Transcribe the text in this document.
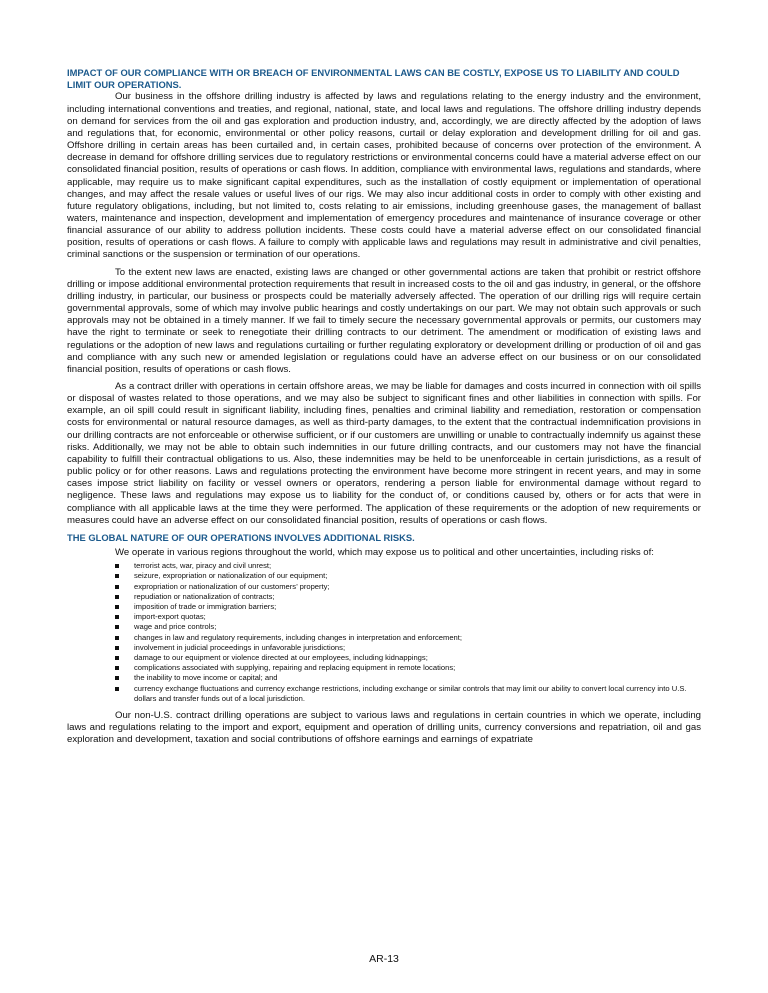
IMPACT OF OUR COMPLIANCE WITH OR BREACH OF ENVIRONMENTAL LAWS CAN BE COSTLY, EXPOSE US TO LIABILITY AND COULD LIMIT OUR OPERATIONS.

Our business in the offshore drilling industry is affected by laws and regulations relating to the energy industry and the environment, including international conventions and treaties, and regional, national, state, and local laws and regulations. The offshore drilling industry depends on demand for services from the oil and gas exploration and production industry, and, accordingly, we are directly affected by the adoption of laws and regulations that, for economic, environmental or other policy reasons, curtail or delay exploration and development drilling for oil and gas. Offshore drilling in certain areas has been curtailed and, in certain cases, prohibited because of concerns over protection of the environment. A decrease in demand for offshore drilling services due to regulatory restrictions or environmental concerns could have a material adverse effect on our consolidated financial position, results of operations or cash flows. In addition, compliance with environmental laws, regulations and standards, where applicable, may require us to make significant capital expenditures, such as the installation of costly equipment or implementation of operational changes, and may affect the resale values or useful lives of our rigs. We may also incur additional costs in order to comply with other existing and future regulatory obligations, including, but not limited to, costs relating to air emissions, including greenhouse gases, the management of ballast waters, maintenance and inspection, development and implementation of emergency procedures and maintenance of insurance coverage or other financial assurance of our ability to address pollution incidents. These costs could have a material adverse effect on our consolidated financial position, results of operations or cash flows. A failure to comply with applicable laws and regulations may result in administrative and civil penalties, criminal sanctions or the suspension or termination of our operations.

To the extent new laws are enacted, existing laws are changed or other governmental actions are taken that prohibit or restrict offshore drilling or impose additional environmental protection requirements that result in increased costs to the oil and gas industry, in general, or the offshore drilling industry, in particular, our business or prospects could be materially adversely affected. The operation of our drilling rigs will require certain governmental approvals, some of which may involve public hearings and costly undertakings on our part. We may not obtain such approvals or such approvals may not be obtained in a timely manner. If we fail to timely secure the necessary governmental approvals or permits, our customers may have the right to terminate or seek to renegotiate their drilling contracts to our detriment. The amendment or modification of existing laws and regulations or the adoption of new laws and regulations curtailing or further regulating exploratory or development drilling or production of oil and gas and compliance with any such new or amended legislation or regulations could have an adverse effect on our business or on our consolidated financial position, results of operations or cash flows.

As a contract driller with operations in certain offshore areas, we may be liable for damages and costs incurred in connection with oil spills or disposal of wastes related to those operations, and we may also be subject to significant fines and other liabilities in connection with spills. For example, an oil spill could result in significant liability, including fines, penalties and criminal liability and remediation, restoration or compensation costs for environmental or natural resource damages, as well as third-party damages, to the extent that the contractual indemnification provisions in our drilling contracts are not enforceable or otherwise sufficient, or if our customers are unwilling or unable to contractually indemnify us against these risks. Additionally, we may not be able to obtain such indemnities in our future drilling contracts, and our customers may not have the financial capability to fulfill their contractual obligations to us. Also, these indemnities may be held to be unenforceable in certain jurisdictions, as a result of public policy or for other reasons. Laws and regulations protecting the environment have become more stringent in recent years, and may in some cases impose strict liability on facility or vessel owners or operators, rendering a person liable for environmental damage without regard to negligence. These laws and regulations may expose us to liability for the conduct of, or conditions caused by, others or for acts that were in compliance with all applicable laws at the time they were performed. The application of these requirements or the adoption of new requirements or measures could have an adverse effect on our consolidated financial position, results of operations or cash flows.

THE GLOBAL NATURE OF OUR OPERATIONS INVOLVES ADDITIONAL RISKS.

We operate in various regions throughout the world, which may expose us to political and other uncertainties, including risks of:

terrorist acts, war, piracy and civil unrest;
seizure, expropriation or nationalization of our equipment;
expropriation or nationalization of our customers’ property;
repudiation or nationalization of contracts;
imposition of trade or immigration barriers;
import-export quotas;
wage and price controls;
changes in law and regulatory requirements, including changes in interpretation and enforcement;
involvement in judicial proceedings in unfavorable jurisdictions;
damage to our equipment or violence directed at our employees, including kidnappings;
complications associated with supplying, repairing and replacing equipment in remote locations;
the inability to move income or capital; and
currency exchange fluctuations and currency exchange restrictions, including exchange or similar controls that may limit our ability to convert local currency into U.S. dollars and transfer funds out of a local jurisdiction.

Our non-U.S. contract drilling operations are subject to various laws and regulations in certain countries in which we operate, including laws and regulations relating to the import and export, equipment and operation of drilling units, currency conversions and repatriation, oil and gas exploration and development, taxation and social contributions of offshore earnings and earnings of expatriate

AR-13
